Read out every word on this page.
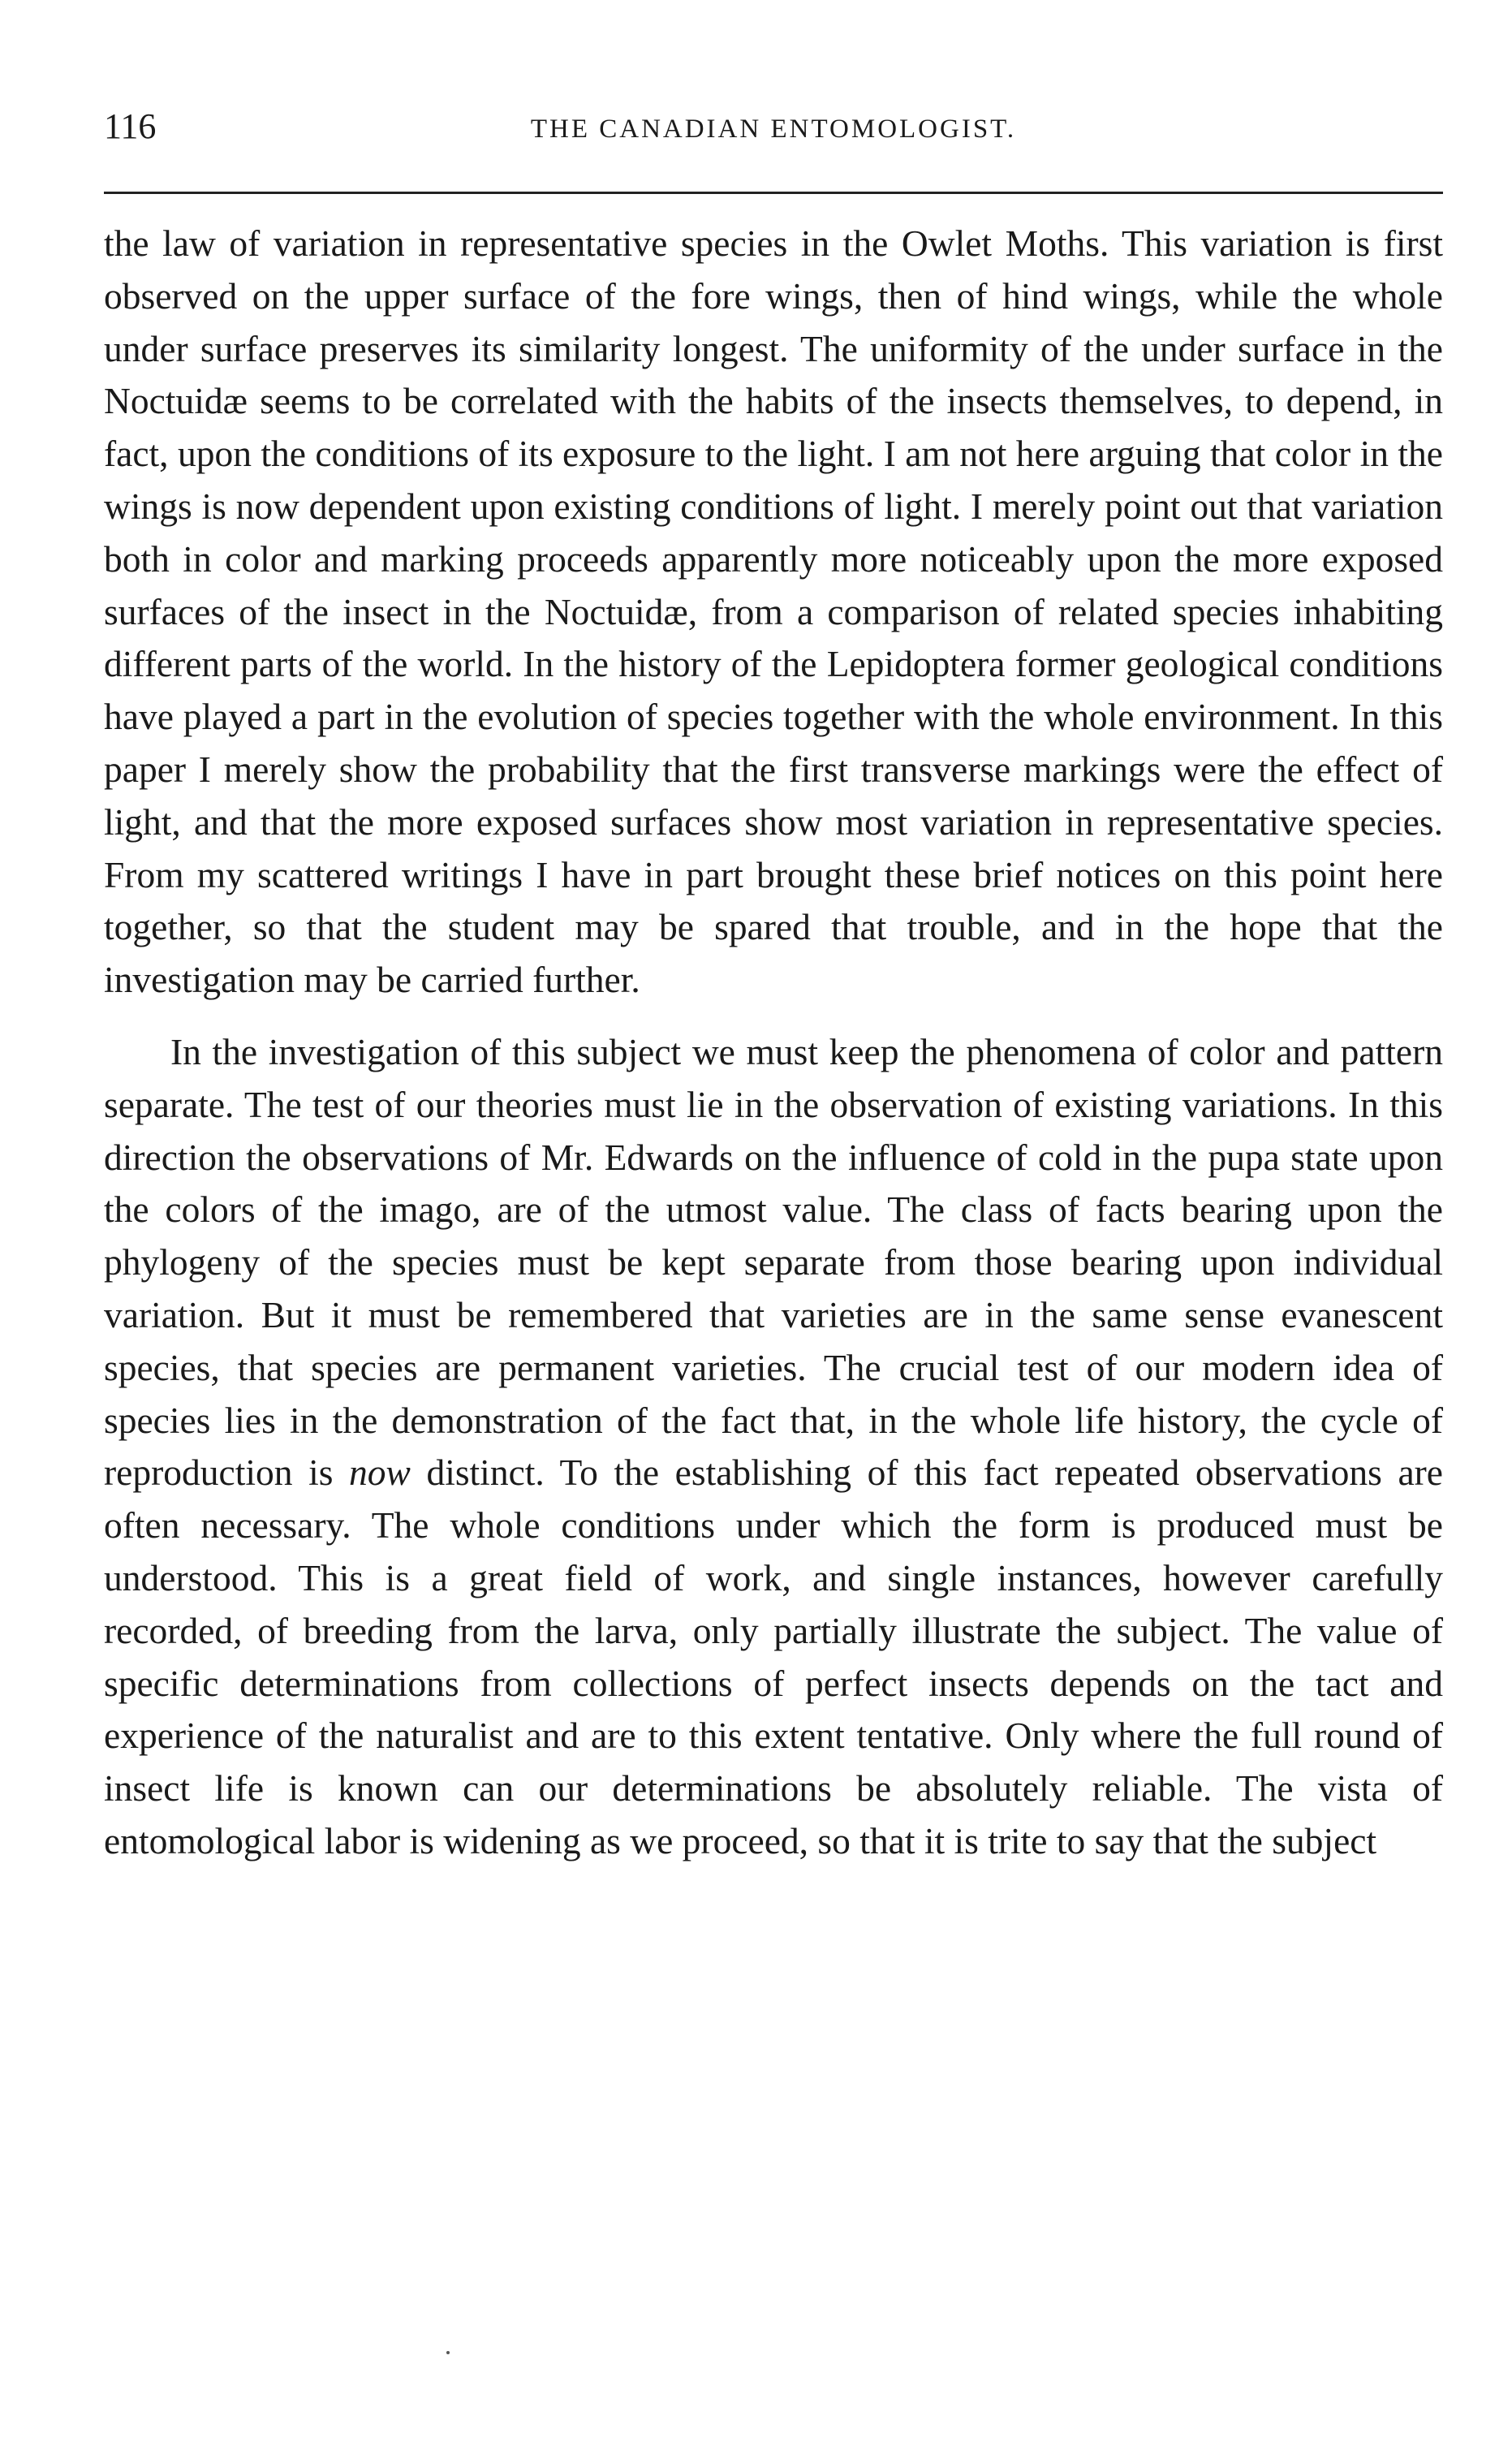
116	THE CANADIAN ENTOMOLOGIST.

the law of variation in representative species in the Owlet Moths. This variation is first observed on the upper surface of the fore wings, then of hind wings, while the whole under surface preserves its similarity longest. The uniformity of the under surface in the Noctuidæ seems to be correlated with the habits of the insects themselves, to depend, in fact, upon the conditions of its exposure to the light. I am not here arguing that color in the wings is now dependent upon existing conditions of light. I merely point out that variation both in color and marking proceeds apparently more noticeably upon the more exposed surfaces of the insect in the Noctuidæ, from a comparison of related species inhabiting different parts of the world. In the history of the Lepidoptera former geological conditions have played a part in the evolution of species together with the whole environment. In this paper I merely show the probability that the first transverse markings were the effect of light, and that the more exposed surfaces show most variation in representative species. From my scattered writings I have in part brought these brief notices on this point here together, so that the student may be spared that trouble, and in the hope that the investigation may be carried further.

In the investigation of this subject we must keep the phenomena of color and pattern separate. The test of our theories must lie in the observation of existing variations. In this direction the observations of Mr. Edwards on the influence of cold in the pupa state upon the colors of the imago, are of the utmost value. The class of facts bearing upon the phylogeny of the species must be kept separate from those bearing upon individual variation. But it must be remembered that varieties are in the same sense evanescent species, that species are permanent varieties. The crucial test of our modern idea of species lies in the demonstration of the fact that, in the whole life history, the cycle of reproduction is now distinct. To the establishing of this fact repeated observations are often necessary. The whole conditions under which the form is produced must be understood. This is a great field of work, and single instances, however carefully recorded, of breeding from the larva, only partially illustrate the subject. The value of specific determinations from collections of perfect insects depends on the tact and experience of the naturalist and are to this extent tentative. Only where the full round of insect life is known can our determinations be absolutely reliable. The vista of entomological labor is widening as we proceed, so that it is trite to say that the subject
